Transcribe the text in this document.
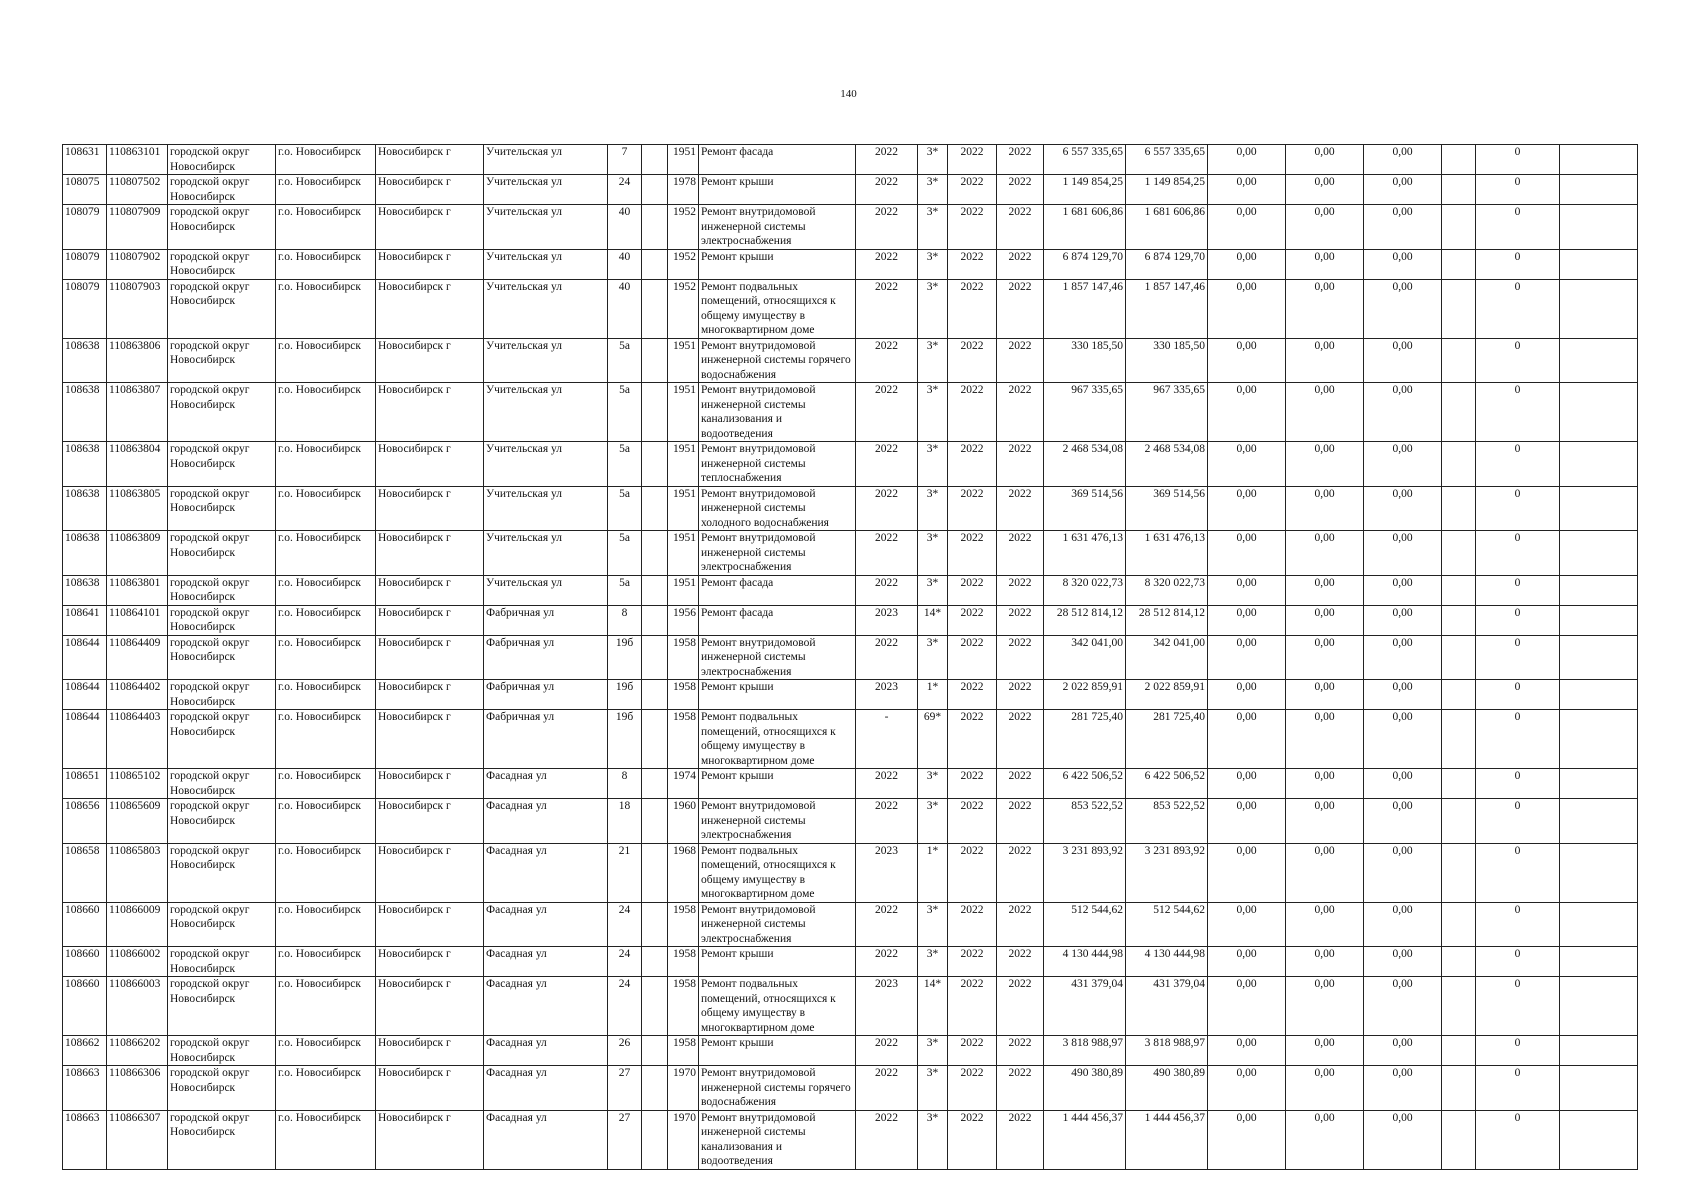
140
108631	110863101	городской округ Новосибирск	г.о. Новосибирск	Новосибирск г	Учительская ул	7		1951	Ремонт фасада	2022	3*	2022	2022	6 557 335,65	6 557 335,65	0,00	0,00	0,00		0	
108075	110807502	городской округ Новосибирск	г.о. Новосибирск	Новосибирск г	Учительская ул	24		1978	Ремонт крыши	2022	3*	2022	2022	1 149 854,25	1 149 854,25	0,00	0,00	0,00		0	
108079	110807909	городской округ Новосибирск	г.о. Новосибирск	Новосибирск г	Учительская ул	40		1952	Ремонт внутридомовой инженерной системы электроснабжения	2022	3*	2022	2022	1 681 606,86	1 681 606,86	0,00	0,00	0,00		0	
108079	110807902	городской округ Новосибирск	г.о. Новосибирск	Новосибирск г	Учительская ул	40		1952	Ремонт крыши	2022	3*	2022	2022	6 874 129,70	6 874 129,70	0,00	0,00	0,00		0	
108079	110807903	городской округ Новосибирск	г.о. Новосибирск	Новосибирск г	Учительская ул	40		1952	Ремонт подвальных помещений, относящихся к общему имуществу в многоквартирном доме	2022	3*	2022	2022	1 857 147,46	1 857 147,46	0,00	0,00	0,00		0	
108638	110863806	городской округ Новосибирск	г.о. Новосибирск	Новосибирск г	Учительская ул	5а		1951	Ремонт внутридомовой инженерной системы горячего водоснабжения	2022	3*	2022	2022	330 185,50	330 185,50	0,00	0,00	0,00		0	
108638	110863807	городской округ Новосибирск	г.о. Новосибирск	Новосибирск г	Учительская ул	5а		1951	Ремонт внутридомовой инженерной системы канализования и водоотведения	2022	3*	2022	2022	967 335,65	967 335,65	0,00	0,00	0,00		0	
108638	110863804	городской округ Новосибирск	г.о. Новосибирск	Новосибирск г	Учительская ул	5а		1951	Ремонт внутридомовой инженерной системы теплоснабжения	2022	3*	2022	2022	2 468 534,08	2 468 534,08	0,00	0,00	0,00		0	
108638	110863805	городской округ Новосибирск	г.о. Новосибирск	Новосибирск г	Учительская ул	5а		1951	Ремонт внутридомовой инженерной системы холодного водоснабжения	2022	3*	2022	2022	369 514,56	369 514,56	0,00	0,00	0,00		0	
108638	110863809	городской округ Новосибирск	г.о. Новосибирск	Новосибирск г	Учительская ул	5а		1951	Ремонт внутридомовой инженерной системы электроснабжения	2022	3*	2022	2022	1 631 476,13	1 631 476,13	0,00	0,00	0,00		0	
108638	110863801	городской округ Новосибирск	г.о. Новосибирск	Новосибирск г	Учительская ул	5а		1951	Ремонт фасада	2022	3*	2022	2022	8 320 022,73	8 320 022,73	0,00	0,00	0,00		0	
108641	110864101	городской округ Новосибирск	г.о. Новосибирск	Новосибирск г	Фабричная ул	8		1956	Ремонт фасада	2023	14*	2022	2022	28 512 814,12	28 512 814,12	0,00	0,00	0,00		0	
108644	110864409	городской округ Новосибирск	г.о. Новосибирск	Новосибирск г	Фабричная ул	19б		1958	Ремонт внутридомовой инженерной системы электроснабжения	2022	3*	2022	2022	342 041,00	342 041,00	0,00	0,00	0,00		0	
108644	110864402	городской округ Новосибирск	г.о. Новосибирск	Новосибирск г	Фабричная ул	19б		1958	Ремонт крыши	2023	1*	2022	2022	2 022 859,91	2 022 859,91	0,00	0,00	0,00		0	
108644	110864403	городской округ Новосибирск	г.о. Новосибирск	Новосибирск г	Фабричная ул	19б		1958	Ремонт подвальных помещений, относящихся к общему имуществу в многоквартирном доме	-	69*	2022	2022	281 725,40	281 725,40	0,00	0,00	0,00		0	
108651	110865102	городской округ Новосибирск	г.о. Новосибирск	Новосибирск г	Фасадная ул	8		1974	Ремонт крыши	2022	3*	2022	2022	6 422 506,52	6 422 506,52	0,00	0,00	0,00		0	
108656	110865609	городской округ Новосибирск	г.о. Новосибирск	Новосибирск г	Фасадная ул	18		1960	Ремонт внутридомовой инженерной системы электроснабжения	2022	3*	2022	2022	853 522,52	853 522,52	0,00	0,00	0,00		0	
108658	110865803	городской округ Новосибирск	г.о. Новосибирск	Новосибирск г	Фасадная ул	21		1968	Ремонт подвальных помещений, относящихся к общему имуществу в многоквартирном доме	2023	1*	2022	2022	3 231 893,92	3 231 893,92	0,00	0,00	0,00		0	
108660	110866009	городской округ Новосибирск	г.о. Новосибирск	Новосибирск г	Фасадная ул	24		1958	Ремонт внутридомовой инженерной системы электроснабжения	2022	3*	2022	2022	512 544,62	512 544,62	0,00	0,00	0,00		0	
108660	110866002	городской округ Новосибирск	г.о. Новосибирск	Новосибирск г	Фасадная ул	24		1958	Ремонт крыши	2022	3*	2022	2022	4 130 444,98	4 130 444,98	0,00	0,00	0,00		0	
108660	110866003	городской округ Новосибирск	г.о. Новосибирск	Новосибирск г	Фасадная ул	24		1958	Ремонт подвальных помещений, относящихся к общему имуществу в многоквартирном доме	2023	14*	2022	2022	431 379,04	431 379,04	0,00	0,00	0,00		0	
108662	110866202	городской округ Новосибирск	г.о. Новосибирск	Новосибирск г	Фасадная ул	26		1958	Ремонт крыши	2022	3*	2022	2022	3 818 988,97	3 818 988,97	0,00	0,00	0,00		0	
108663	110866306	городской округ Новосибирск	г.о. Новосибирск	Новосибирск г	Фасадная ул	27		1970	Ремонт внутридомовой инженерной системы горячего водоснабжения	2022	3*	2022	2022	490 380,89	490 380,89	0,00	0,00	0,00		0	
108663	110866307	городской округ Новосибирск	г.о. Новосибирск	Новосибирск г	Фасадная ул	27		1970	Ремонт внутридомовой инженерной системы канализования и водоотведения	2022	3*	2022	2022	1 444 456,37	1 444 456,37	0,00	0,00	0,00		0	
